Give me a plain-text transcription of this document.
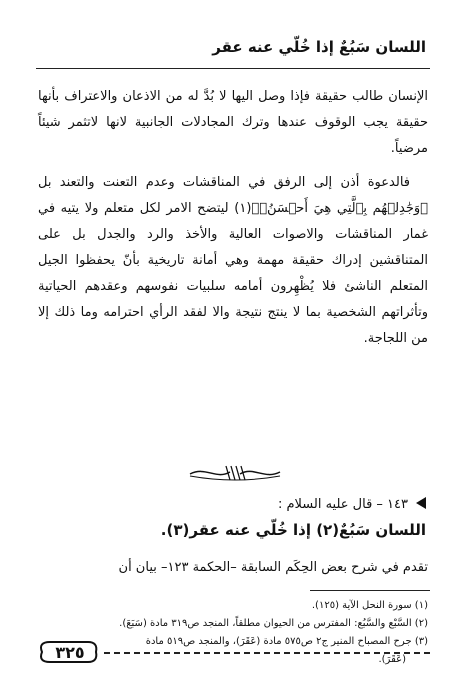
اللسان سَبُعٌ إذا خُلّي عنه عقر

الإنسان طالب حقيقة فإذا وصل اليها لا بُدَّ له من الاذعان والاعتراف بأنها حقيقة يجب الوقوف عندها وترك المجادلات الجانبية لانها لاتثمر شيئاً مرضياً.

فالدعوة أذن إلى الرفق في المناقشات وعدم التعنت والتعند بل ﴿وَجَٰدِلۡهُم بِٱلَّتِي هِيَ أَحۡسَنُۚ﴾(١) ليتضح الامر لكل متعلم ولا يتيه في غمار المناقشات والاصوات العالية والأخذ والرد والجدل بل على المتناقشين إدراك حقيقة مهمة وهي أمانة تاريخية بأنّ يحفظوا الجيل المتعلم الناشئ فلا يُظْهِرون أمامه سلبيات نفوسهم وعقدهم الحياتية وتأثراتهم الشخصية بما لا ينتج نتيجة والا لفقد الرأي احترامه وما ذلك إلا من اللجاجة.

١٤٣ – قال عليه السلام :
اللسان سَبُعٌ(٢) إذا خُلّي عنه عقر(٣).
تقدم في شرح بعض الحِكَم السابقة –الحكمة ١٢٣– بيان أن
(١) سورة النحل الآية (١٢٥).
(٢) السَّبْع والسَّبُع: المفترس من الحيوان مطلقاً، المنجد ص٣١٩ مادة (سَبَعَ).
(٣) جرح المصباح المنير ج٢ ص٥٧٥ مادة (عَقَرَ)، والمنجد ص٥١٩ مادة
(عَقَرَ).
٣٢٥
